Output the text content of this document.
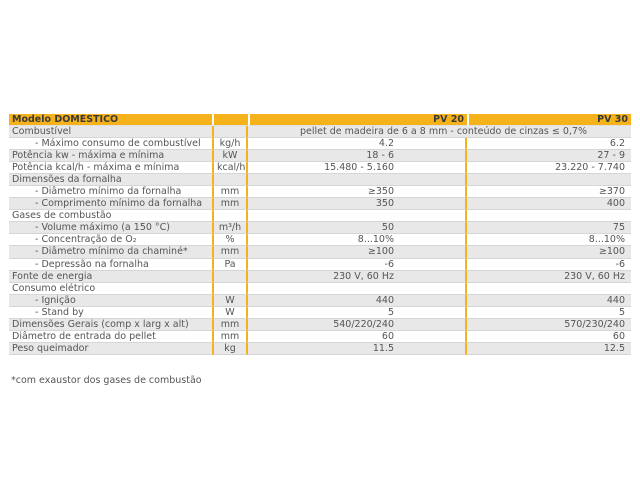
Modelo DOMÉSTICO		PV 20	PV 30
Combustível		pellet de madeira de 6 a 8 mm - conteúdo de cinzas ≤ 0,7%	
- Máximo consumo de combustível	kg/h	4.2	6.2
Potência kw - máxima e mínima	kW	18 - 6	27 - 9
Potência kcal/h - máxima e mínima	kcal/h	15.480 - 5.160	23.220 - 7.740
Dimensões da fornalha			
- Diâmetro mínimo da fornalha	mm	≥350	≥370
- Comprimento mínimo da fornalha	mm	350	400
Gases de combustão			
- Volume máximo (a 150 °C)	m³/h	50	75
- Concentração de O₂	%	8...10%	8...10%
- Diâmetro mínimo da chaminé*	mm	≥100	≥100
- Depressão na fornalha	Pa	-6	-6
Fonte de energia		230 V, 60 Hz	230 V, 60 Hz
Consumo elétrico			
- Ignição	W	440	440
- Stand by	W	5	5
Dimensões Gerais (comp x larg x alt)	mm	540/220/240	570/230/240
Diâmetro de entrada do pellet	mm	60	60
Peso queimador	kg	11.5	12.5
*com exaustor dos gases de combustão
